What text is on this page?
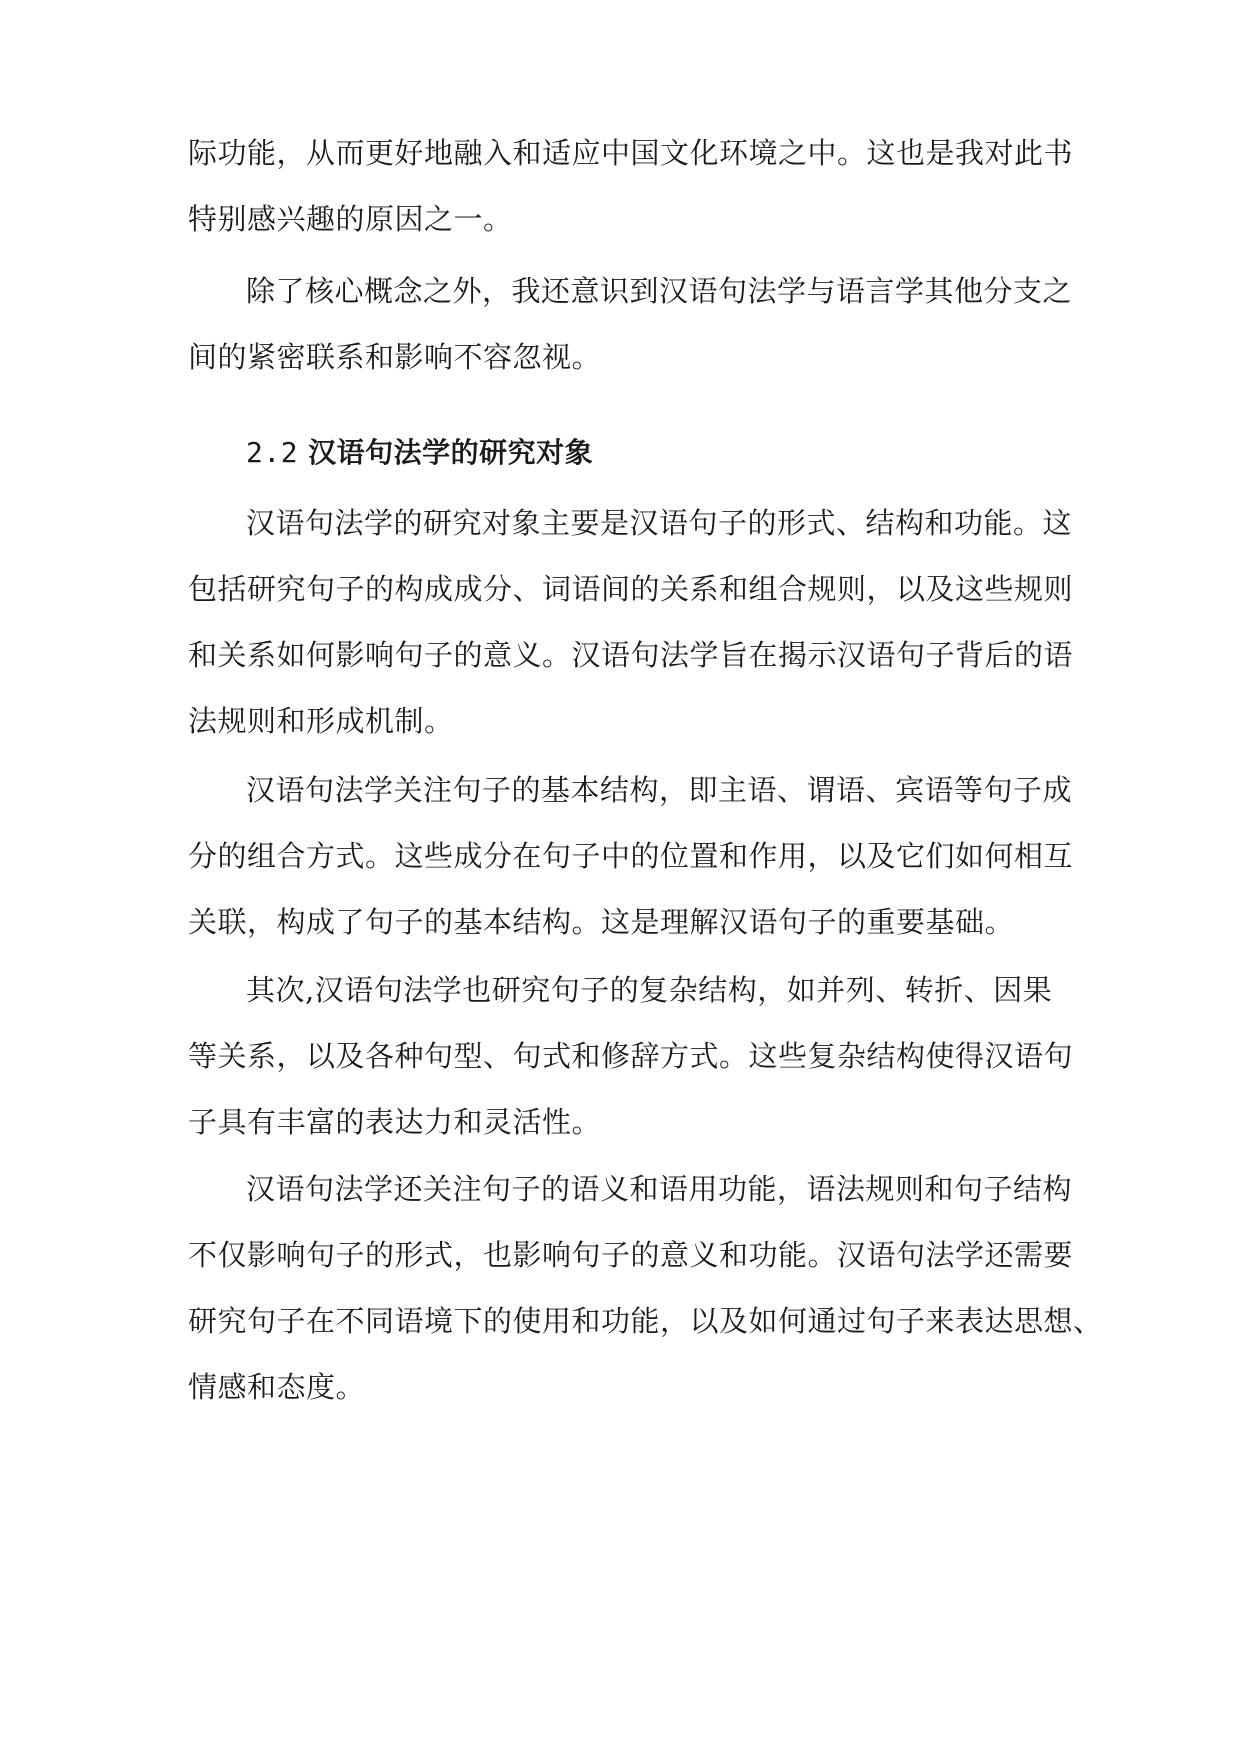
际功能，从而更好地融入和适应中国文化环境之中。这也是我对此书
特别感兴趣的原因之一。
除了核心概念之外，我还意识到汉语句法学与语言学其他分支之
间的紧密联系和影响不容忽视。
2.2 汉语句法学的研究对象
汉语句法学的研究对象主要是汉语句子的形式、结构和功能。这
包括研究句子的构成成分、词语间的关系和组合规则，以及这些规则
和关系如何影响句子的意义。汉语句法学旨在揭示汉语句子背后的语
法规则和形成机制。
汉语句法学关注句子的基本结构，即主语、谓语、宾语等句子成
分的组合方式。这些成分在句子中的位置和作用，以及它们如何相互
关联，构成了句子的基本结构。这是理解汉语句子的重要基础。
其次,汉语句法学也研究句子的复杂结构，如并列、转折、因果
等关系，以及各种句型、句式和修辞方式。这些复杂结构使得汉语句
子具有丰富的表达力和灵活性。
汉语句法学还关注句子的语义和语用功能，语法规则和句子结构
不仅影响句子的形式，也影响句子的意义和功能。汉语句法学还需要
研究句子在不同语境下的使用和功能，以及如何通过句子来表达思想、
情感和态度。
